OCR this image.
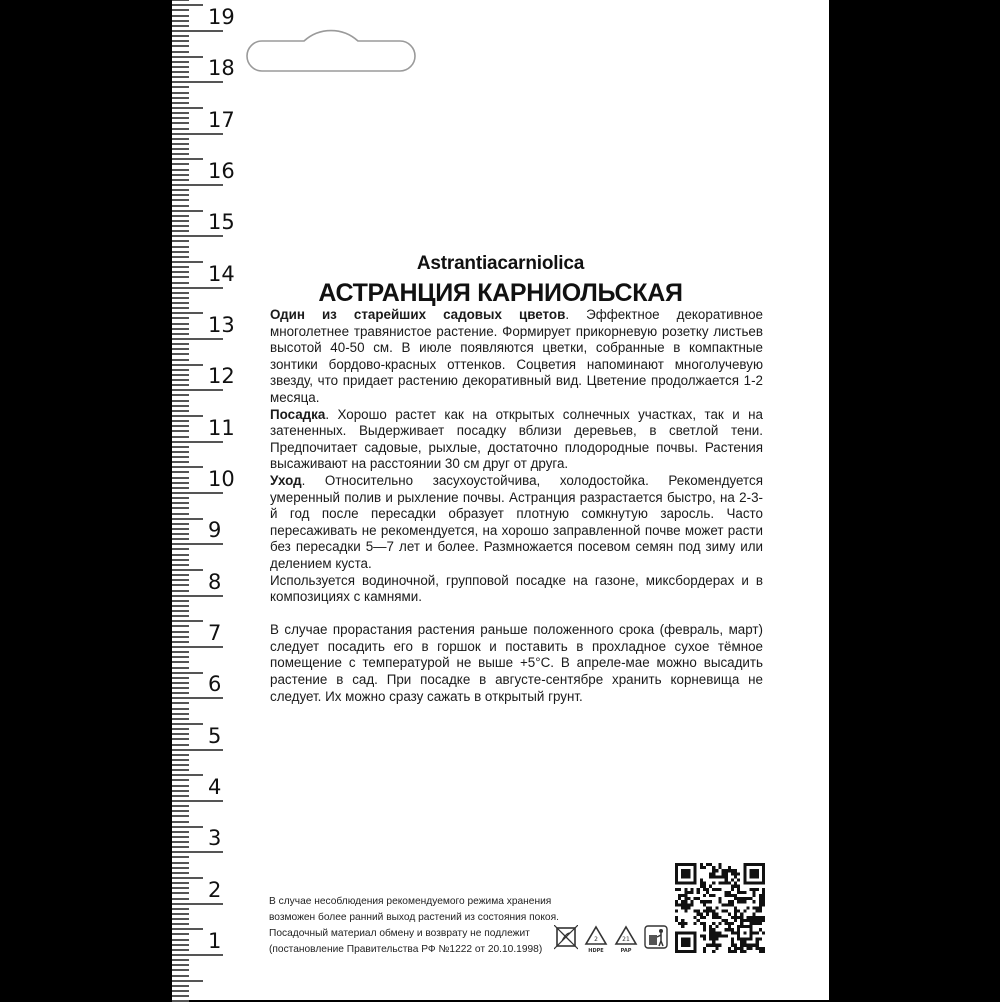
19
18
17
16
15
14
13
12
11
10
9
8
7
6
5
4
3
2
1
Astrantiacarniolica
АСТРАНЦИЯ КАРНИОЛЬСКАЯ

Один из старейших садовых цветов. Эффектное декоративное многолетнее травянистое растение. Формирует прикорневую розетку листьев высотой 40-50 см. В июле появляются цветки, собранные в компактные зонтики бордово-красных оттенков. Соцветия напоминают многолучевую звезду, что придает растению декоративный вид. Цветение продолжается 1-2 месяца.

Посадка. Хорошо растет как на открытых солнечных участках, так и на затененных. Выдерживает посадку вблизи деревьев, в светлой тени. Предпочитает садовые, рыхлые, достаточно плодородные почвы. Растения высаживают на расстоянии 30 см друг от друга.

Уход. Относительно засухоустойчива, холодостойка. Рекомендуется умеренный полив и рыхление почвы. Астранция разрастается быстро, на 2-3-й год после пересадки образует плотную сомкнутую заросль. Часто пересаживать не рекомендуется, на хорошо заправленной почве может расти без пересадки 5—7 лет и более. Размножается посевом семян под зиму или делением куста.

Используется водиночной, групповой посадке на газоне, миксбордерах и в композициях с камнями.

В случае прорастания растения раньше положенного срока (февраль, март) следует посадить его в горшок и поставить в прохладное сухое тёмное помещение с температурой не выше +5°С. В апреле-мае можно высадить растение в сад. При посадке в августе-сентябре хранить корневища не следует. Их можно сразу сажать в открытый грунт.

В случае несоблюдения рекомендуемого режима хранения
возможен более ранний выход растений из состояния покоя.
Посадочный материал обмену и возврату не подлежит
(постановление Правительства РФ №1222 от 20.10.1998)
2
HDPE
21
PAP
